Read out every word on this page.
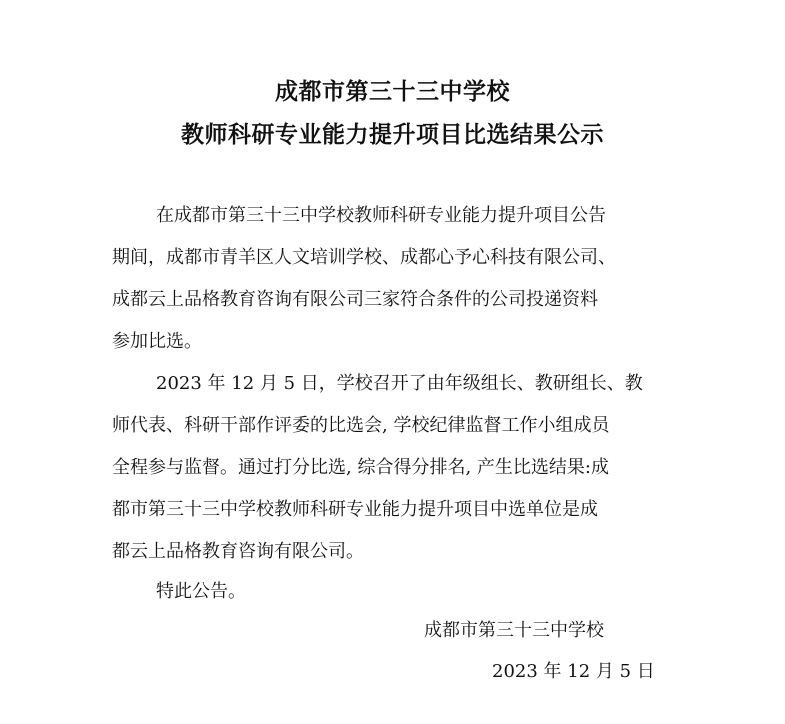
成都市第三十三中学校
教师科研专业能力提升项目比选结果公示
在成都市第三十三中学校教师科研专业能力提升项目公告
期间，成都市青羊区人文培训学校、成都心予心科技有限公司、
成都云上品格教育咨询有限公司三家符合条件的公司投递资料
参加比选。
2023 年 12 月 5 日，学校召开了由年级组长、教研组长、教
师代表、科研干部作评委的比选会, 学校纪律监督工作小组成员
全程参与监督。通过打分比选, 综合得分排名, 产生比选结果:成
都市第三十三中学校教师科研专业能力提升项目中选单位是成
都云上品格教育咨询有限公司。
特此公告。
成都市第三十三中学校
2023 年 12 月 5 日
